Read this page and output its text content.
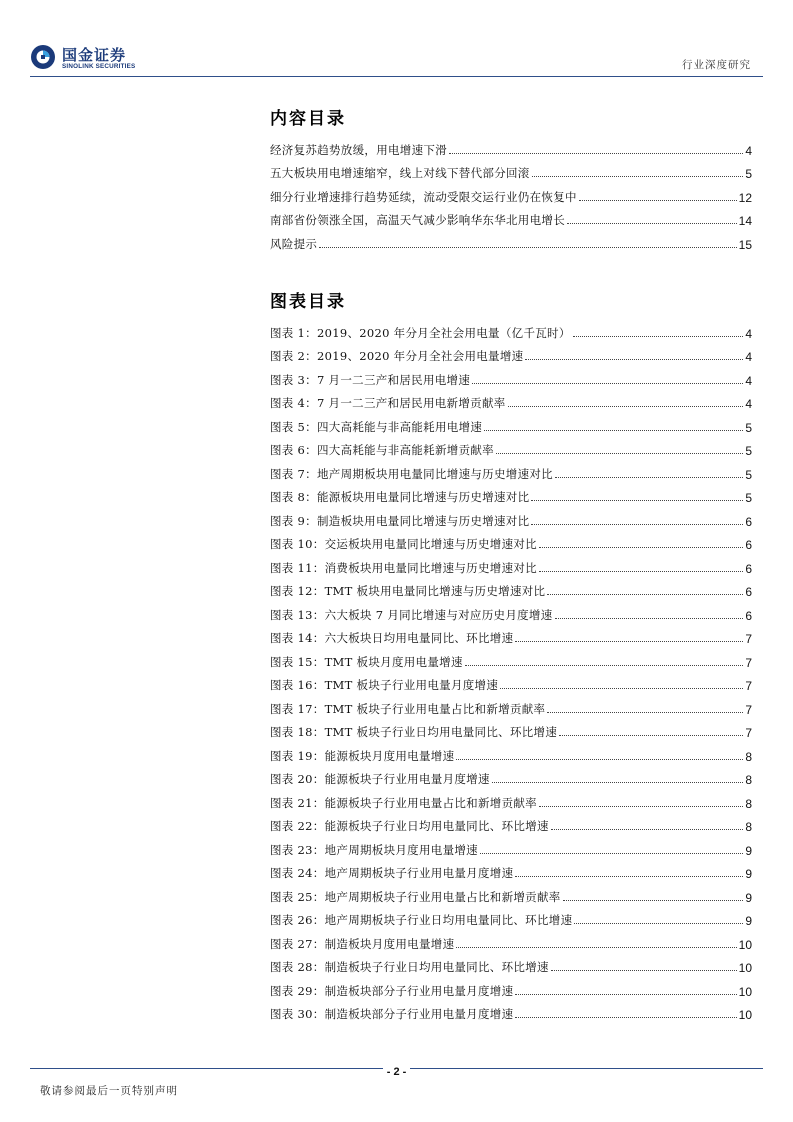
国金证券
SINOLINK SECURITIES	行业深度研究
内容目录
经济复苏趋势放缓，用电增速下滑	4
五大板块用电增速缩窄，线上对线下替代部分回滚	5
细分行业增速排行趋势延续，流动受限交运行业仍在恢复中	12
南部省份领涨全国，高温天气减少影响华东华北用电增长	14
风险提示	15
图表目录
图表 1：2019、2020 年分月全社会用电量（亿千瓦时）	4
图表 2：2019、2020 年分月全社会用电量增速	4
图表 3：7 月一二三产和居民用电增速	4
图表 4：7 月一二三产和居民用电新增贡献率	4
图表 5：四大高耗能与非高能耗用电增速	5
图表 6：四大高耗能与非高能耗新增贡献率	5
图表 7：地产周期板块用电量同比增速与历史增速对比	5
图表 8：能源板块用电量同比增速与历史增速对比	5
图表 9：制造板块用电量同比增速与历史增速对比	6
图表 10：交运板块用电量同比增速与历史增速对比	6
图表 11：消费板块用电量同比增速与历史增速对比	6
图表 12：TMT 板块用电量同比增速与历史增速对比	6
图表 13：六大板块 7 月同比增速与对应历史月度增速	6
图表 14：六大板块日均用电量同比、环比增速	7
图表 15：TMT 板块月度用电量增速	7
图表 16：TMT 板块子行业用电量月度增速	7
图表 17：TMT 板块子行业用电量占比和新增贡献率	7
图表 18：TMT 板块子行业日均用电量同比、环比增速	7
图表 19：能源板块月度用电量增速	8
图表 20：能源板块子行业用电量月度增速	8
图表 21：能源板块子行业用电量占比和新增贡献率	8
图表 22：能源板块子行业日均用电量同比、环比增速	8
图表 23：地产周期板块月度用电量增速	9
图表 24：地产周期板块子行业用电量月度增速	9
图表 25：地产周期板块子行业用电量占比和新增贡献率	9
图表 26：地产周期板块子行业日均用电量同比、环比增速	9
图表 27：制造板块月度用电量增速	10
图表 28：制造板块子行业日均用电量同比、环比增速	10
图表 29：制造板块部分子行业用电量月度增速	10
图表 30：制造板块部分子行业用电量月度增速	10
- 2 -
敬请参阅最后一页特别声明
